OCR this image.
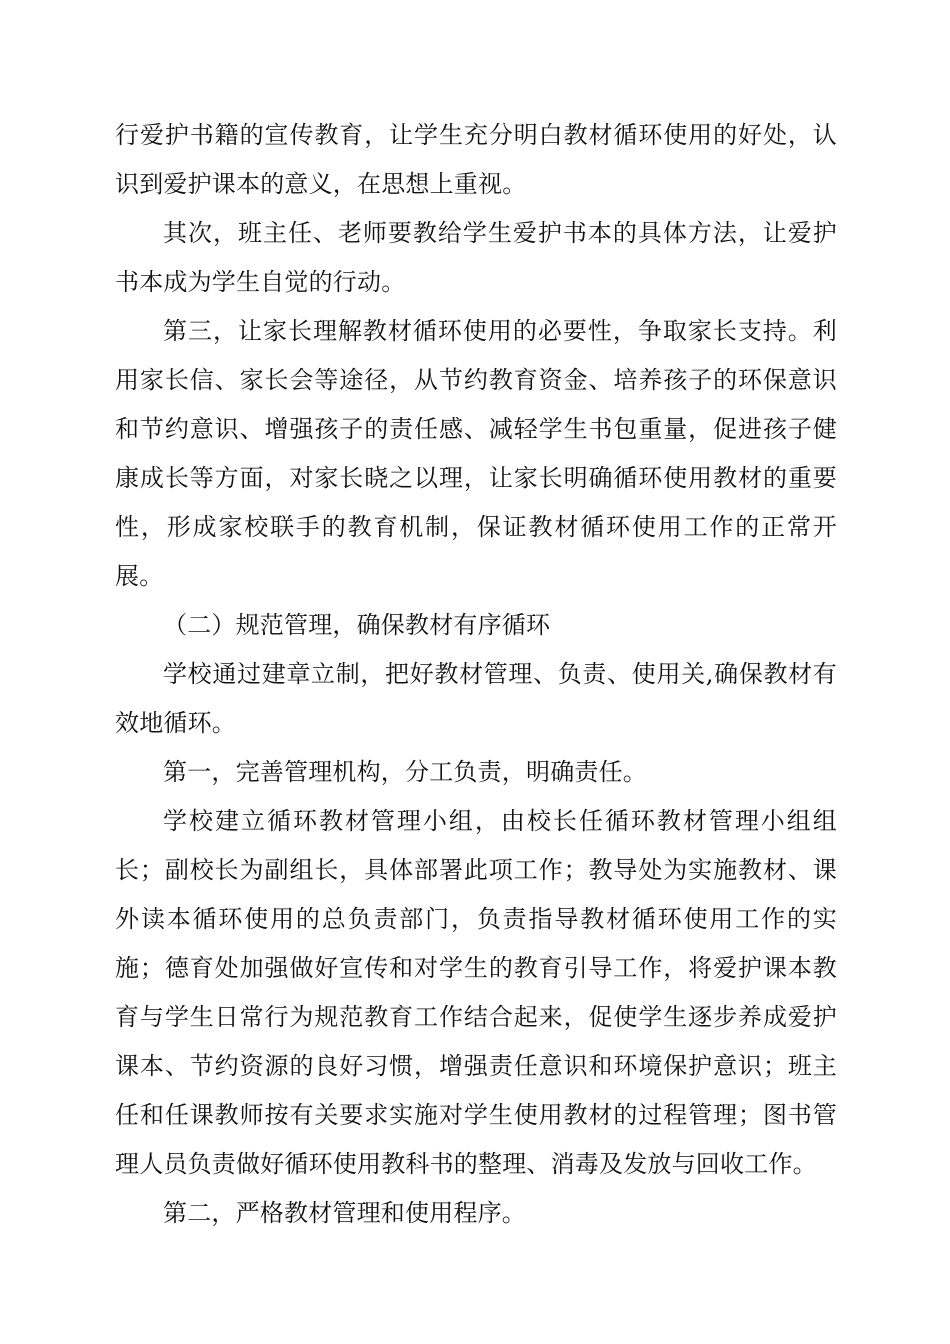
行爱护书籍的宣传教育，让学生充分明白教材循环使用的好处，认识到爱护课本的意义，在思想上重视。

其次，班主任、老师要教给学生爱护书本的具体方法，让爱护书本成为学生自觉的行动。

第三，让家长理解教材循环使用的必要性，争取家长支持。利用家长信、家长会等途径，从节约教育资金、培养孩子的环保意识和节约意识、增强孩子的责任感、减轻学生书包重量，促进孩子健康成长等方面，对家长晓之以理，让家长明确循环使用教材的重要性，形成家校联手的教育机制，保证教材循环使用工作的正常开展。

（二）规范管理，确保教材有序循环

学校通过建章立制，把好教材管理、负责、使用关,确保教材有效地循环。

第一，完善管理机构，分工负责，明确责任。

学校建立循环教材管理小组，由校长任循环教材管理小组组长；副校长为副组长，具体部署此项工作；教导处为实施教材、课外读本循环使用的总负责部门，负责指导教材循环使用工作的实施；德育处加强做好宣传和对学生的教育引导工作，将爱护课本教育与学生日常行为规范教育工作结合起来，促使学生逐步养成爱护课本、节约资源的良好习惯，增强责任意识和环境保护意识；班主任和任课教师按有关要求实施对学生使用教材的过程管理；图书管理人员负责做好循环使用教科书的整理、消毒及发放与回收工作。

第二，严格教材管理和使用程序。
